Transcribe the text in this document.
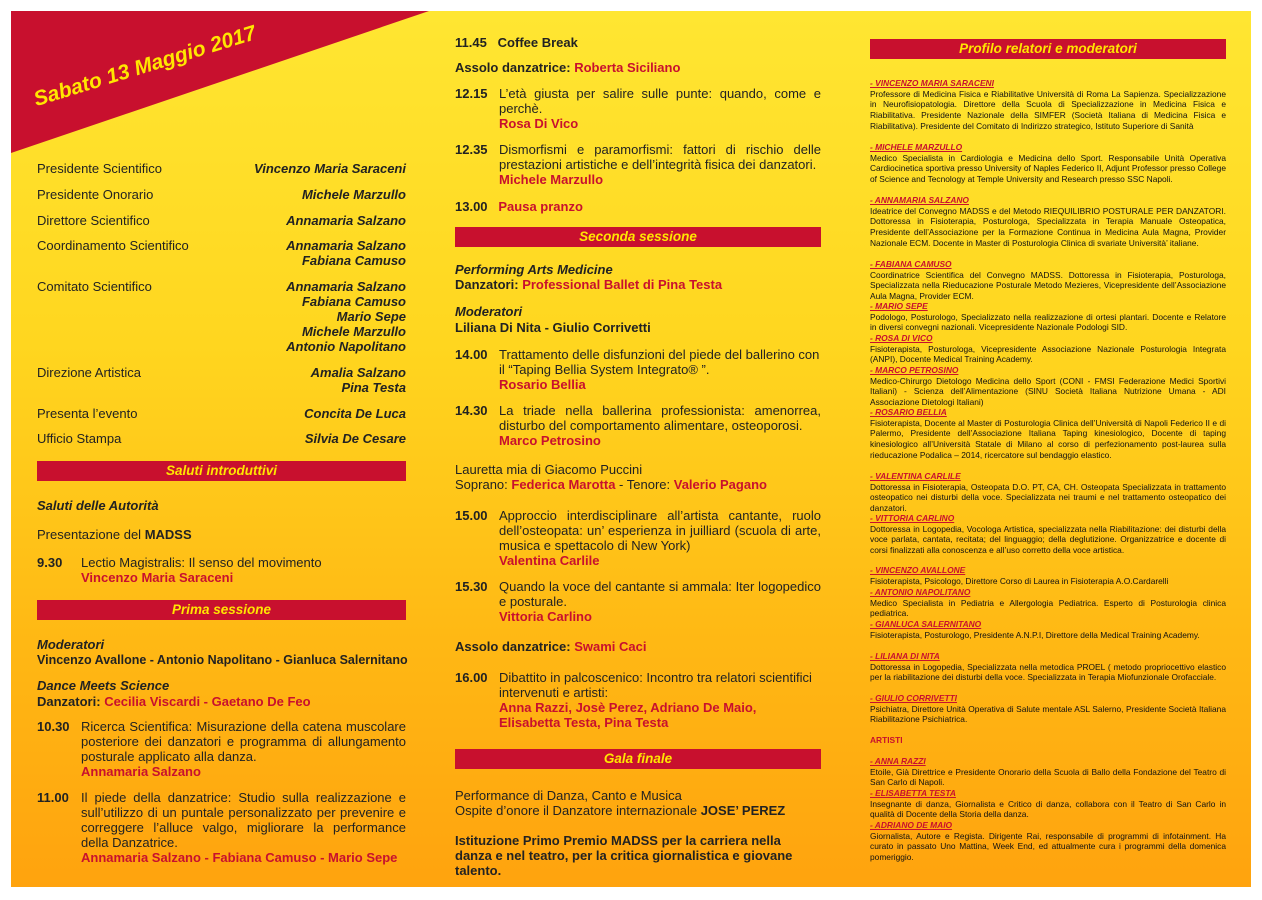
Sabato 13 Maggio 2017
Presidente Scientifico	Vincenzo Maria Saraceni
Presidente Onorario	Michele Marzullo
Direttore Scientifico	Annamaria Salzano
Coordinamento Scientifico	Annamaria Salzano
Fabiana Camuso
Comitato Scientifico	Annamaria Salzano
Fabiana Camuso
Mario Sepe
Michele Marzullo
Antonio Napolitano
Direzione Artistica	Amalia Salzano
Pina Testa
Presenta l’evento	Concita De Luca
Ufficio Stampa	Silvia De Cesare
Saluti introduttivi
Saluti delle Autorità
Presentazione del MADSS
9.30 Lectio Magistralis: Il senso del movimento
Vincenzo Maria Saraceni
Prima sessione
Moderatori
Vincenzo Avallone - Antonio Napolitano - Gianluca Salernitano
Dance Meets Science
Danzatori: Cecilia Viscardi - Gaetano De Feo
10.30 Ricerca Scientifica: Misurazione della catena muscolare posteriore dei danzatori e programma di allungamento posturale applicato alla danza.
Annamaria Salzano
11.00 Il piede della danzatrice: Studio sulla realizzazione e sull’utilizzo di un puntale personalizzato per prevenire e correggere l’alluce valgo, migliorare la performance della Danzatrice.
Annamaria Salzano - Fabiana Camuso - Mario Sepe
11.45 Coffee Break
Assolo danzatrice: Roberta Siciliano
12.15 L’età giusta per salire sulle punte: quando, come e perchè.
Rosa Di Vico
12.35 Dismorfismi e paramorfismi: fattori di rischio delle prestazioni artistiche e dell’integrità fisica dei danzatori.
Michele Marzullo
13.00 Pausa pranzo
Seconda sessione
Performing Arts Medicine
Danzatori: Professional Ballet di Pina Testa
Moderatori
Liliana Di Nita - Giulio Corrivetti
14.00 Trattamento delle disfunzioni del piede del ballerino con il “Taping Bellia System Integrato® ”.
Rosario Bellia
14.30 La triade nella ballerina professionista: amenorrea, disturbo del comportamento alimentare, osteoporosi.
Marco Petrosino
Lauretta mia di Giacomo Puccini
Soprano: Federica Marotta - Tenore: Valerio Pagano
15.00 Approccio interdisciplinare all’artista cantante, ruolo dell’osteopata: un’ esperienza in juilliard (scuola di arte, musica e spettacolo di New York)
Valentina Carlile
15.30 Quando la voce del cantante si ammala: Iter logopedico e posturale.
Vittoria Carlino
Assolo danzatrice: Swami Caci
16.00 Dibattito in palcoscenico: Incontro tra relatori scientifici intervenuti e artisti:
Anna Razzi, Josè Perez, Adriano De Maio, Elisabetta Testa, Pina Testa
Gala finale
Performance di Danza, Canto e Musica
Ospite d’onore il Danzatore internazionale JOSE’ PEREZ
Istituzione Primo Premio MADSS per la carriera nella danza e nel teatro, per la critica giornalistica e giovane talento.
Profilo relatori e moderatori
- VINCENZO MARIA SARACENI
Professore di Medicina Fisica e Riabilitative Università di Roma La Sapienza. Specializzazione in Neurofisiopatologia. Direttore della Scuola di Specializzazione in Medicina Fisica e Riabilitativa. Presidente Nazionale della SIMFER (Società Italiana di Medicina Fisica e Riabilitativa). Presidente del Comitato di Indirizzo strategico, Istituto Superiore di Sanità
- MICHELE MARZULLO
Medico Specialista in Cardiologia e Medicina dello Sport. Responsabile Unità Operativa Cardiocinetica sportiva presso University of Naples Federico II, Adjunt Professor presso College of Science and Tecnology at Temple University and Research presso SSC Napoli.
- ANNAMARIA SALZANO
Ideatrice del Convegno MADSS e del Metodo RIEQUILIBRIO POSTURALE PER DANZATORI. Dottoressa in Fisioterapia, Posturologa, Specializzata in Terapia Manuale Osteopatica, Presidente dell’Associazione per la Formazione Continua in Medicina Aula Magna, Provider Nazionale ECM. Docente in Master di Posturologia Clinica di svariate Università’ italiane.
- FABIANA CAMUSO
Coordinatrice Scientifica del Convegno MADSS. Dottoressa in Fisioterapia, Posturologa, Specializzata nella Rieducazione Posturale Metodo Mezieres, Vicepresidente dell’Associazione Aula Magna, Provider ECM.
- MARIO SEPE
Podologo, Posturologo, Specializzato nella realizzazione di ortesi plantari. Docente e Relatore in diversi convegni nazionali. Vicepresidente Nazionale Podologi SID.
- ROSA DI VICO
Fisioterapista, Posturologa, Vicepresidente Associazione Nazionale Posturologia Integrata (ANPI), Docente Medical Training Academy.
- MARCO PETROSINO
Medico-Chirurgo Dietologo Medicina dello Sport (CONI - FMSI Federazione Medici Sportivi Italiani) - Scienza dell’Alimentazione (SINU Società Italiana Nutrizione Umana - ADI Associazione Dietologi Italiani)
- ROSARIO BELLIA
Fisioterapista, Docente al Master di Posturologia Clinica dell’Università di Napoli Federico II e di Palermo, Presidente dell’Associazione Italiana Taping kinesiologico, Docente di taping kinesiologico all’Università Statale di Milano al corso di perfezionamento post-laurea sulla rieducazione Podalica – 2014, ricercatore sul bendaggio elastico.
- VALENTINA CARLILE
Dottoressa in Fisioterapia, Osteopata D.O. PT, CA, CH. Osteopata Specializzata in trattamento osteopatico nei disturbi della voce. Specializzata nei traumi e nel trattamento osteopatico dei danzatori.
- VITTORIA CARLINO
Dottoressa in Logopedia, Vocologa Artistica, specializzata nella Riabilitazione: dei disturbi della voce parlata, cantata, recitata; del linguaggio; della deglutizione. Organizzatrice e docente di corsi finalizzati alla conoscenza e all’uso corretto della voce artistica.
- VINCENZO AVALLONE
Fisioterapista, Psicologo, Direttore Corso di Laurea in Fisioterapia A.O.Cardarelli
- ANTONIO NAPOLITANO
Medico Specialista in Pediatria e Allergologia Pediatrica. Esperto di Posturologia clinica pediatrica.
- GIANLUCA SALERNITANO
Fisioterapista, Posturologo, Presidente A.N.P.I, Direttore della Medical Training Academy.
- LILIANA DI NITA
Dottoressa in Logopedia, Specializzata nella metodica PROEL ( metodo propriocettivo elastico per la riabilitazione dei disturbi della voce. Specializzata in Terapia Miofunzionale Orofacciale.
- GIULIO CORRIVETTI
Psichiatra, Direttore Unità Operativa di Salute mentale ASL Salerno, Presidente Società Italiana Riabilitazione Psichiatrica.
ARTISTI
- ANNA RAZZI
Etoile, Già Direttrice e Presidente Onorario della Scuola di Ballo della Fondazione del Teatro di San Carlo di Napoli.
- ELISABETTA TESTA
Insegnante di danza, Giornalista e Critico di danza, collabora con il Teatro di San Carlo in qualità di Docente della Storia della danza.
- ADRIANO DE MAIO
Giornalista, Autore e Regista. Dirigente Rai, responsabile di programmi di infotainment. Ha curato in passato Uno Mattina, Week End, ed attualmente cura i programmi della domenica pomeriggio.
